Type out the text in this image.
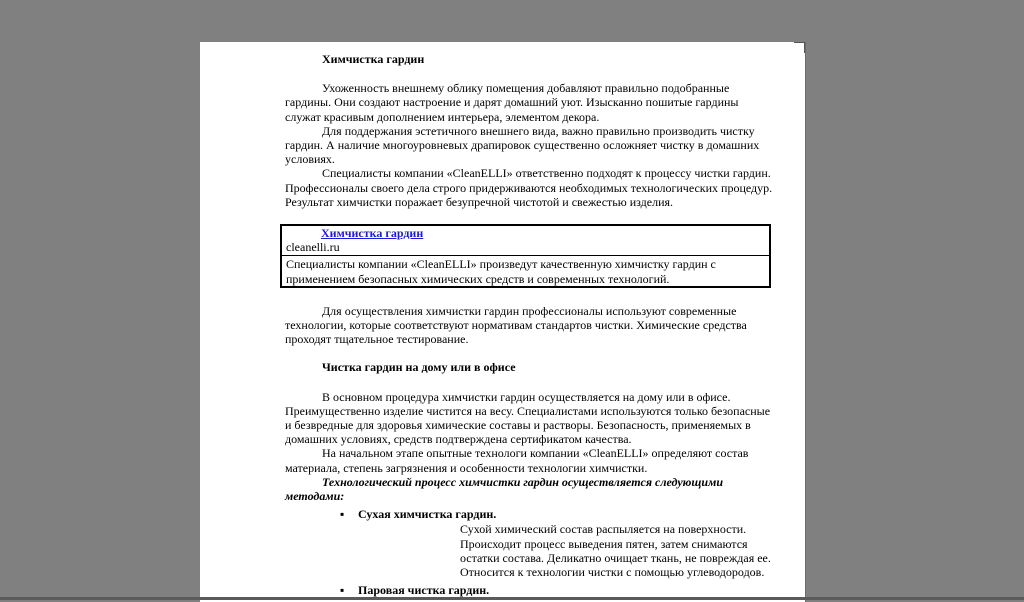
Химчистка гардин

Ухоженность внешнему облику помещения добавляют правильно подобранные гардины. Они создают настроение и дарят домашний уют. Изысканно пошитые гардины служат красивым дополнением интерьера, элементом декора.

Для поддержания эстетичного внешнего вида, важно правильно производить чистку гардин. А наличие многоуровневых драпировок существенно осложняет чистку в домашних условиях.

Специалисты компании «CleanELLI» ответственно подходят к процессу чистки гардин. Профессионалы своего дела строго придерживаются необходимых технологических процедур. Результат химчистки поражает безупречной чистотой и свежестью изделия.

Химчистка гардин
cleanelli.ru
Специалисты компании «CleanELLI» произведут качественную химчистку гардин с применением безопасных химических средств и современных технологий.

Для осуществления химчистки гардин профессионалы используют современные технологии, которые соответствуют нормативам стандартов чистки. Химические средства проходят тщательное тестирование.

Чистка гардин на дому или в офисе

В основном процедура химчистки гардин осуществляется на дому или в офисе. Преимущественно изделие чистится на весу. Специалистами используются только безопасные и безвредные для здоровья химические составы и растворы. Безопасность, применяемых в домашних условиях, средств подтверждена сертификатом качества.

На начальном этапе опытные технологи компании «CleanELLI» определяют состав материала, степень загрязнения и особенности технологии химчистки.

Технологический процесс химчистки гардин осуществляется следующими методами:

▪ Сухая химчистка гардин.
Сухой химический состав распыляется на поверхности. Происходит процесс выведения пятен, затем снимаются остатки состава. Деликатно очищает ткань, не повреждая ее. Относится к технологии чистки с помощью углеводородов.
▪ Паровая чистка гардин.
